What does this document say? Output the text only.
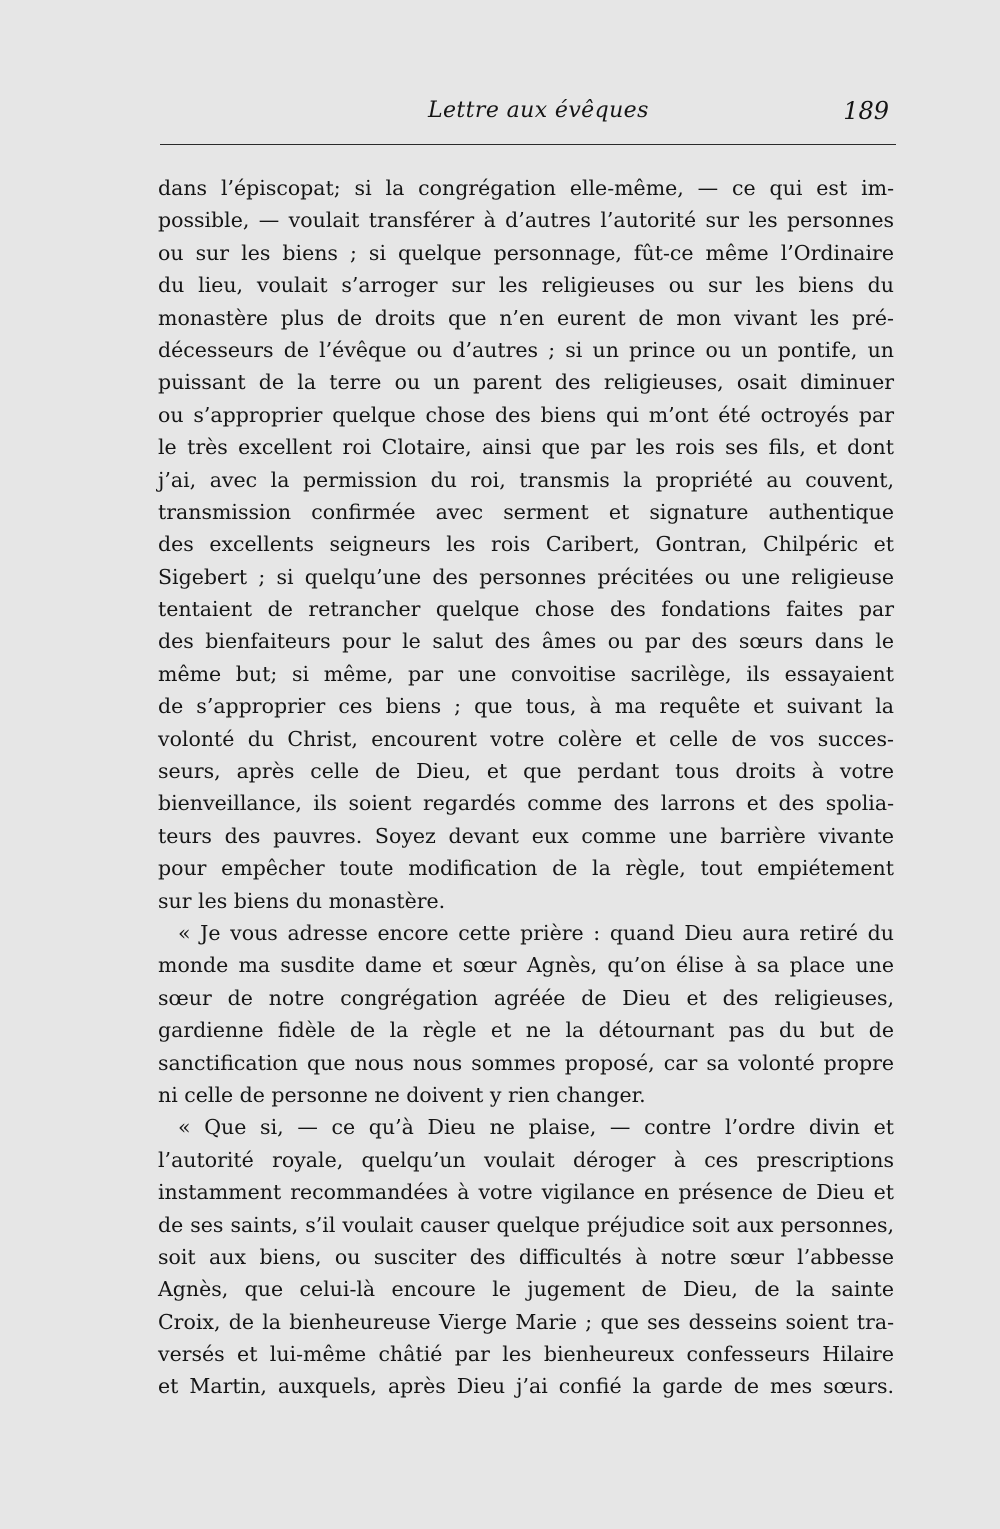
Lettre aux évêques	189
dans l’épiscopat; si la congrégation elle-même, — ce qui est im-
possible, — voulait transférer à d’autres l’autorité sur les personnes
ou sur les biens ; si quelque personnage, fût-ce même l’Ordinaire
du lieu, voulait s’arroger sur les religieuses ou sur les biens du
monastère plus de droits que n’en eurent de mon vivant les pré-
décesseurs de l’évêque ou d’autres ; si un prince ou un pontife, un
puissant de la terre ou un parent des religieuses, osait diminuer
ou s’approprier quelque chose des biens qui m’ont été octroyés par
le très excellent roi Clotaire, ainsi que par les rois ses fils, et dont
j’ai, avec la permission du roi, transmis la propriété au couvent,
transmission confirmée avec serment et signature authentique
des excellents seigneurs les rois Caribert, Gontran, Chilpéric et
Sigebert ; si quelqu’une des personnes précitées ou une religieuse
tentaient de retrancher quelque chose des fondations faites par
des bienfaiteurs pour le salut des âmes ou par des sœurs dans le
même but; si même, par une convoitise sacrilège, ils essayaient
de s’approprier ces biens ; que tous, à ma requête et suivant la
volonté du Christ, encourent votre colère et celle de vos succes-
seurs, après celle de Dieu, et que perdant tous droits à votre
bienveillance, ils soient regardés comme des larrons et des spolia-
teurs des pauvres. Soyez devant eux comme une barrière vivante
pour empêcher toute modification de la règle, tout empiétement
sur les biens du monastère.
« Je vous adresse encore cette prière : quand Dieu aura retiré du
monde ma susdite dame et sœur Agnès, qu’on élise à sa place une
sœur de notre congrégation agréée de Dieu et des religieuses,
gardienne fidèle de la règle et ne la détournant pas du but de
sanctification que nous nous sommes proposé, car sa volonté propre
ni celle de personne ne doivent y rien changer.
« Que si, — ce qu’à Dieu ne plaise, — contre l’ordre divin et
l’autorité royale, quelqu’un voulait déroger à ces prescriptions
instamment recommandées à votre vigilance en présence de Dieu et
de ses saints, s’il voulait causer quelque préjudice soit aux personnes,
soit aux biens, ou susciter des difficultés à notre sœur l’abbesse
Agnès, que celui-là encoure le jugement de Dieu, de la sainte
Croix, de la bienheureuse Vierge Marie ; que ses desseins soient tra-
versés et lui-même châtié par les bienheureux confesseurs Hilaire
et Martin, auxquels, après Dieu j’ai confié la garde de mes sœurs.
